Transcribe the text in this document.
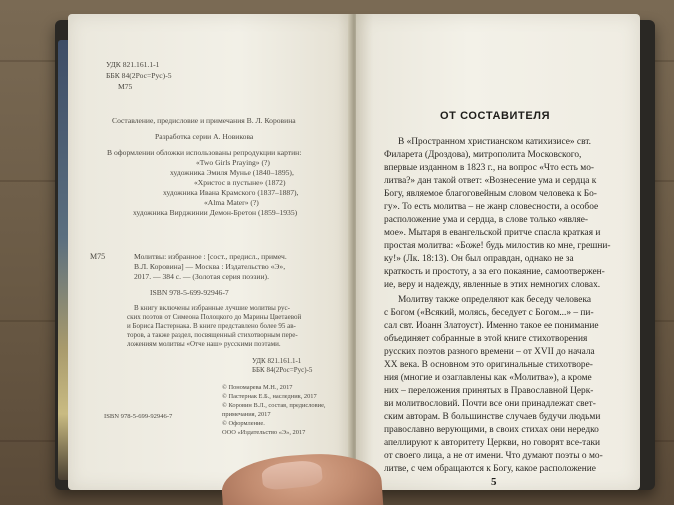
УДК 821.161.1-1
ББК 84(2Рос=Рус)-5
М75
Составление, предисловие и примечания В. Л. Коровина
Разработка серии А. Новикова
В оформлении обложки использованы репродукции картин:
«Two Girls Praying» (?)
художника Эмиля Мунье (1840–1895),
«Христос в пустыне» (1872)
художника Ивана Крамского (1837–1887),
«Alma Mater» (?)
художника Вирджинии Демон-Бретон (1859–1935)
М75	Молитвы: избранное : [сост., предисл., примеч.
В.Л. Коровина] — Москва : Издательство «Э»,
2017. — 384 с. — (Золотая серия поэзии).
ISBN 978-5-699-92946-7
В книгу включены избранные лучшие молитвы рус-
ских поэтов от Симеона Полоцкого до Марины Цветаевой
и Бориса Пастернака. В книге представлено более 95 ав-
торов, а также раздел, посвященный стихотворным пере-
ложениям молитвы «Отче наш» русскими поэтами.
УДК 821.161.1-1
ББК 84(2Рос=Рус)-5
© Пономарева М.Н., 2017
© Пастернак Е.Б., наследник, 2017
© Коровин В.Л., состав, предисловие,
примечания, 2017
© Оформление.
ООО «Издательство «Э», 2017
ISBN 978-5-699-92946-7
ОТ СОСТАВИТЕЛЯ
В «Пространном христианском катихизисе» свт.
Филарета (Дроздова), митрополита Московского,
впервые изданном в 1823 г., на вопрос «Что есть мо-
литва?» дан такой ответ: «Вознесение ума и сердца к
Богу, являемое благоговейным словом человека к Бо-
гу». То есть молитва – не жанр словесности, а особое
расположение ума и сердца, в слове только «являе-
мое». Мытаря в евангельской притче спасла краткая и
простая молитва: «Боже! будь милостив ко мне, грешни-
ку!» (Лк. 18:13). Он был оправдан, однако не за
краткость и простоту, а за его покаяние, самоотвержен-
ие, веру и надежду, явленные в этих немногих словах.
Молитву также определяют как беседу человека
с Богом («Всякий, молясь, беседует с Богом...» – пи-
сал свт. Иоанн Златоуст). Именно такое ее понимание
объединяет собранные в этой книге стихотворения
русских поэтов разного времени – от XVII до начала
XX века. В основном это оригинальные стихотворе-
ния (многие и озаглавлены как «Молитва»), а кроме
них – переложения принятых в Православной Церк-
ви молитвословий. Почти все они принадлежат свет-
ским авторам. В большинстве случаев будучи людьми
православно верующими, в своих стихах они нередко
апеллируют к авторитету Церкви, но говорят все-таки
от своего лица, а не от имени. Что думают поэты о мо-
литве, с чем обращаются к Богу, какое расположение
5
